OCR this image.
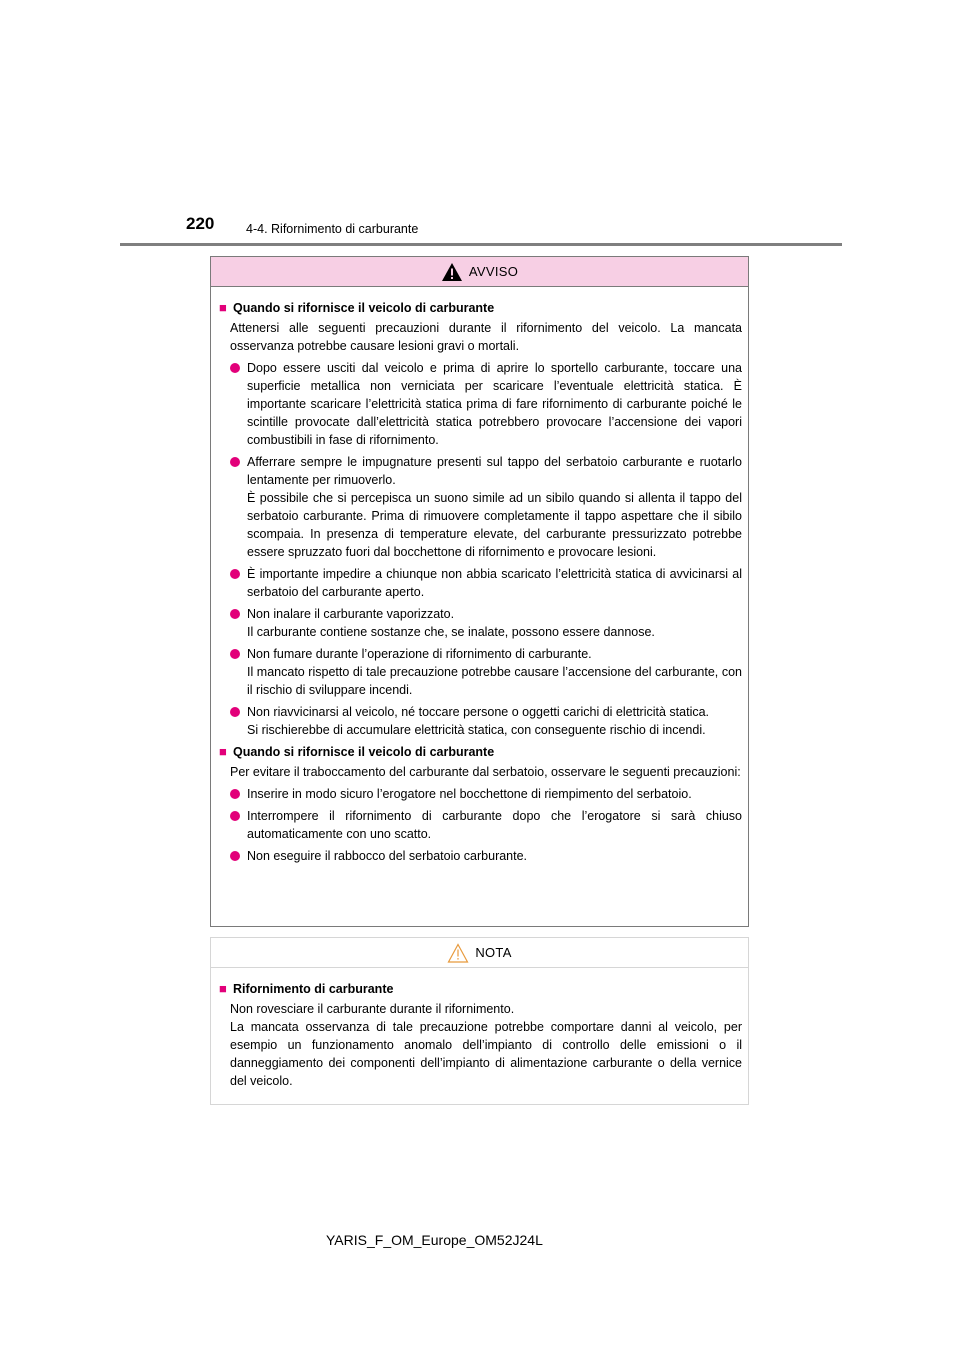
220	4-4. Rifornimento di carburante
AVVISO
■ Quando si rifornisce il veicolo di carburante
Attenersi alle seguenti precauzioni durante il rifornimento del veicolo. La mancata osservanza potrebbe causare lesioni gravi o mortali.
Dopo essere usciti dal veicolo e prima di aprire lo sportello carburante, toccare una superficie metallica non verniciata per scaricare l’eventuale elettricità statica. È importante scaricare l’elettricità statica prima di fare rifornimento di carburante poiché le scintille provocate dall’elettricità statica potrebbero provocare l’accensione dei vapori combustibili in fase di rifornimento.
Afferrare sempre le impugnature presenti sul tappo del serbatoio carburante e ruotarlo lentamente per rimuoverlo.
È possibile che si percepisca un suono simile ad un sibilo quando si allenta il tappo del serbatoio carburante. Prima di rimuovere completamente il tappo aspettare che il sibilo scompaia. In presenza di temperature elevate, del carburante pressurizzato potrebbe essere spruzzato fuori dal bocchettone di rifornimento e provocare lesioni.
È importante impedire a chiunque non abbia scaricato l’elettricità statica di avvicinarsi al serbatoio del carburante aperto.
Non inalare il carburante vaporizzato.
Il carburante contiene sostanze che, se inalate, possono essere dannose.
Non fumare durante l’operazione di rifornimento di carburante.
Il mancato rispetto di tale precauzione potrebbe causare l’accensione del carburante, con il rischio di sviluppare incendi.
Non riavvicinarsi al veicolo, né toccare persone o oggetti carichi di elettricità statica.
Si rischierebbe di accumulare elettricità statica, con conseguente rischio di incendi.
■ Quando si rifornisce il veicolo di carburante
Per evitare il traboccamento del carburante dal serbatoio, osservare le seguenti precauzioni:
Inserire in modo sicuro l’erogatore nel bocchettone di riempimento del serbatoio.
Interrompere il rifornimento di carburante dopo che l’erogatore si sarà chiuso automaticamente con uno scatto.
Non eseguire il rabbocco del serbatoio carburante.
NOTA
■ Rifornimento di carburante
Non rovesciare il carburante durante il rifornimento.
La mancata osservanza di tale precauzione potrebbe comportare danni al veicolo, per esempio un funzionamento anomalo dell’impianto di controllo delle emissioni o il danneggiamento dei componenti dell’impianto di alimentazione carburante o della vernice del veicolo.
YARIS_F_OM_Europe_OM52J24L
